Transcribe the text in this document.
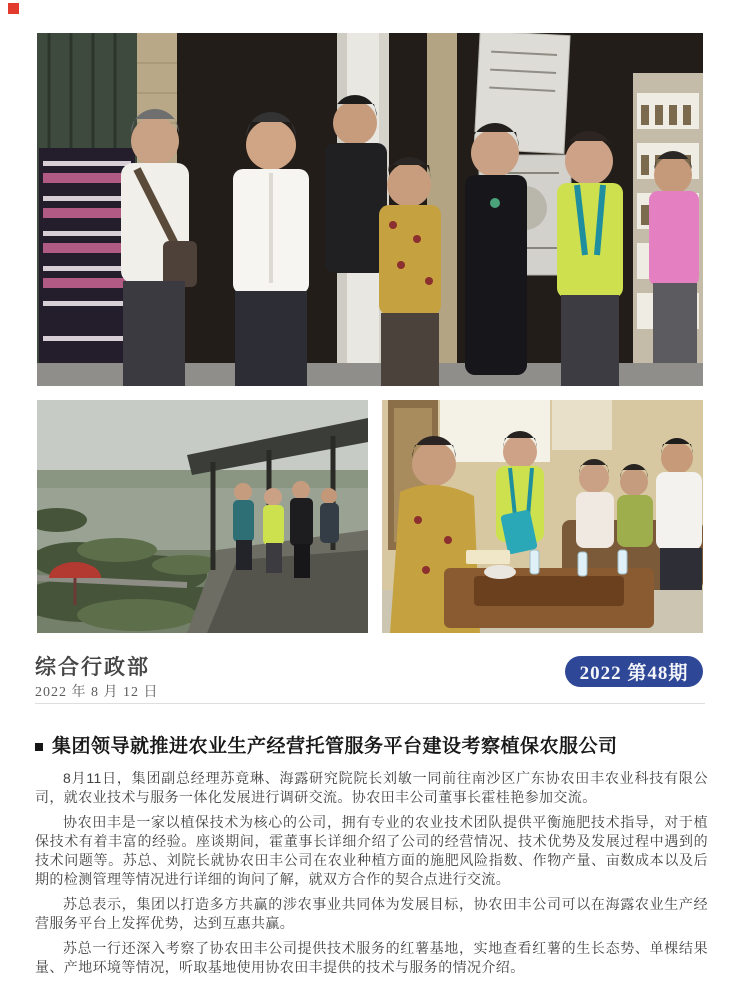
综合行政部
2022 年 8 月 12 日
2022 第48期
集团领导就推进农业生产经营托管服务平台建设考察植保农服公司

8月11日，集团副总经理苏竟琳、海露研究院院长刘敏一同前往南沙区广东协农田丰农业科技有限公司，就农业技术与服务一体化发展进行调研交流。协农田丰公司董事长霍桂艳参加交流。

协农田丰是一家以植保技术为核心的公司，拥有专业的农业技术团队提供平衡施肥技术指导，对于植保技术有着丰富的经验。座谈期间，霍董事长详细介绍了公司的经营情况、技术优势及发展过程中遇到的技术问题等。苏总、刘院长就协农田丰公司在农业种植方面的施肥风险指数、作物产量、亩数成本以及后期的检测管理等情况进行详细的询问了解，就双方合作的契合点进行交流。

苏总表示，集团以打造多方共赢的涉农事业共同体为发展目标，协农田丰公司可以在海露农业生产经营服务平台上发挥优势，达到互惠共赢。

苏总一行还深入考察了协农田丰公司提供技术服务的红薯基地，实地查看红薯的生长态势、单棵结果量、产地环境等情况，听取基地使用协农田丰提供的技术与服务的情况介绍。
